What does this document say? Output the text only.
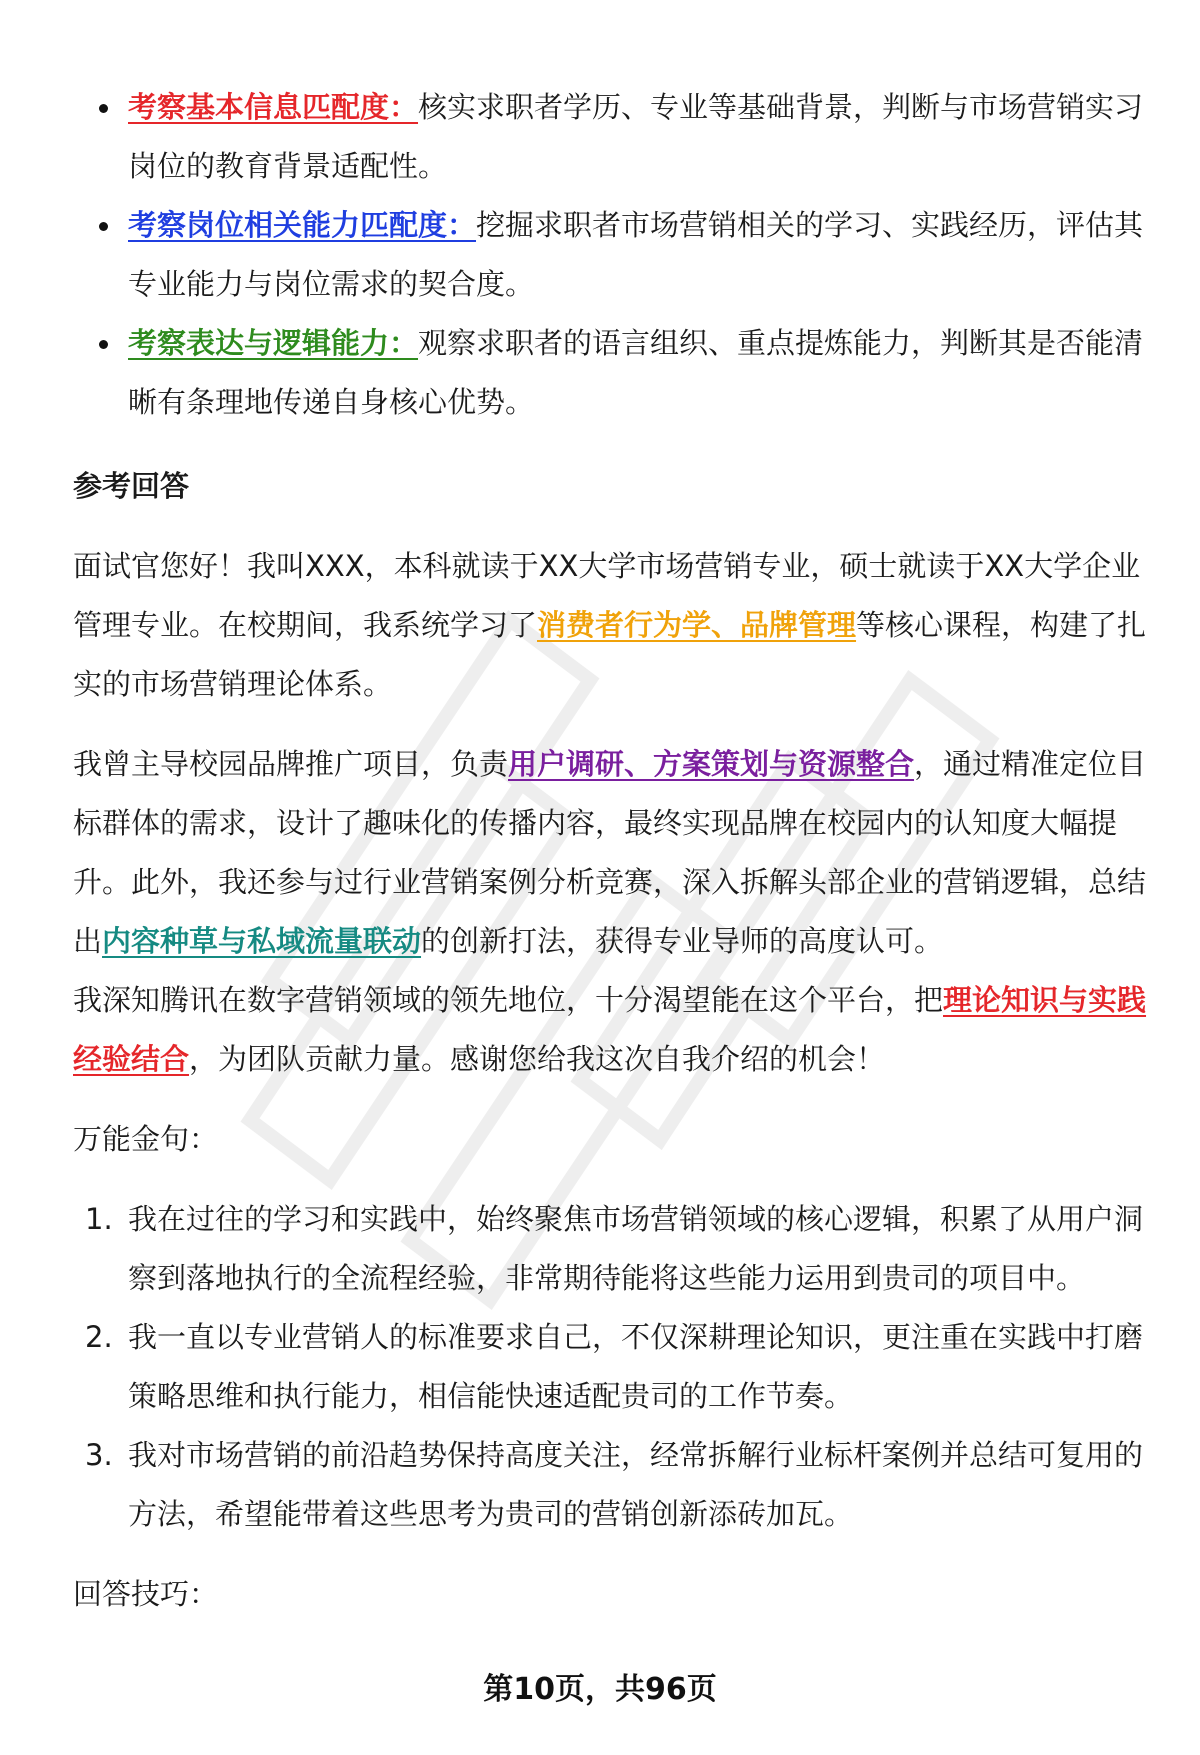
考察基本信息匹配度：核实求职者学历、专业等基础背景，判断与市场营销实习岗位的教育背景适配性。
考察岗位相关能力匹配度：挖掘求职者市场营销相关的学习、实践经历，评估其专业能力与岗位需求的契合度。
考察表达与逻辑能力：观察求职者的语言组织、重点提炼能力，判断其是否能清晰有条理地传递自身核心优势。
参考回答
面试官您好！我叫XXX，本科就读于XX大学市场营销专业，硕士就读于XX大学企业管理专业。在校期间，我系统学习了消费者行为学、品牌管理等核心课程，构建了扎实的市场营销理论体系。
我曾主导校园品牌推广项目，负责用户调研、方案策划与资源整合，通过精准定位目标群体的需求，设计了趣味化的传播内容，最终实现品牌在校园内的认知度大幅提升。此外，我还参与过行业营销案例分析竞赛，深入拆解头部企业的营销逻辑，总结出内容种草与私域流量联动的创新打法，获得专业导师的高度认可。
我深知腾讯在数字营销领域的领先地位，十分渴望能在这个平台，把理论知识与实践经验结合，为团队贡献力量。感谢您给我这次自我介绍的机会！
万能金句：
1. 我在过往的学习和实践中，始终聚焦市场营销领域的核心逻辑，积累了从用户洞察到落地执行的全流程经验，非常期待能将这些能力运用到贵司的项目中。
2. 我一直以专业营销人的标准要求自己，不仅深耕理论知识，更注重在实践中打磨策略思维和执行能力，相信能快速适配贵司的工作节奏。
3. 我对市场营销的前沿趋势保持高度关注，经常拆解行业标杆案例并总结可复用的方法，希望能带着这些思考为贵司的营销创新添砖加瓦。
回答技巧：
第10页，共96页
